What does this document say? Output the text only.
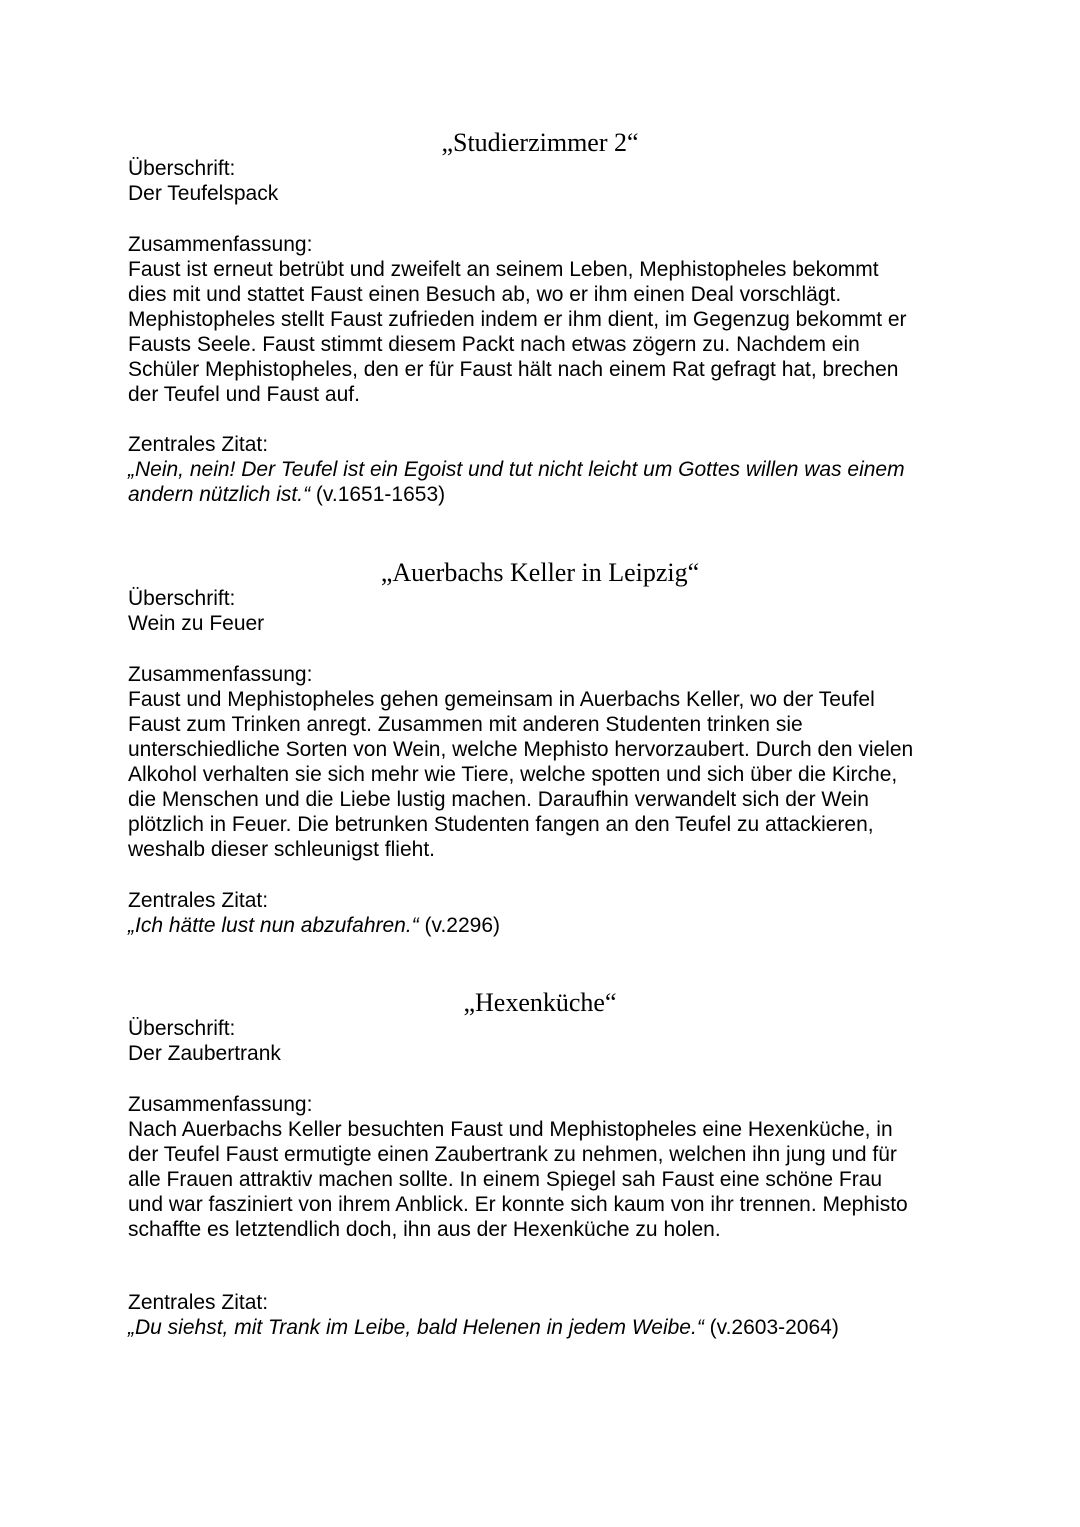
„Studierzimmer 2“

Überschrift:

Der Teufelspack

Zusammenfassung:

Faust ist erneut betrübt und zweifelt an seinem Leben, Mephistopheles bekommt

dies mit und stattet Faust einen Besuch ab, wo er ihm einen Deal vorschlägt.

Mephistopheles stellt Faust zufrieden indem er ihm dient, im Gegenzug bekommt er

Fausts Seele. Faust stimmt diesem Packt nach etwas zögern zu. Nachdem ein

Schüler Mephistopheles, den er für Faust hält nach einem Rat gefragt hat, brechen

der Teufel und Faust auf.

Zentrales Zitat:

„Nein, nein! Der Teufel ist ein Egoist und tut nicht leicht um Gottes willen was einem

andern nützlich ist.“ (v.1651-1653)

„Auerbachs Keller in Leipzig“

Überschrift:

Wein zu Feuer

Zusammenfassung:

Faust und Mephistopheles gehen gemeinsam in Auerbachs Keller, wo der Teufel

Faust zum Trinken anregt. Zusammen mit anderen Studenten trinken sie

unterschiedliche Sorten von Wein, welche Mephisto hervorzaubert. Durch den vielen

Alkohol verhalten sie sich mehr wie Tiere, welche spotten und sich über die Kirche,

die Menschen und die Liebe lustig machen. Daraufhin verwandelt sich der Wein

plötzlich in Feuer. Die betrunken Studenten fangen an den Teufel zu attackieren,

weshalb dieser schleunigst flieht.

Zentrales Zitat:

„Ich hätte lust nun abzufahren.“ (v.2296)

„Hexenküche“

Überschrift:

Der Zaubertrank

Zusammenfassung:

Nach Auerbachs Keller besuchten Faust und Mephistopheles eine Hexenküche, in

der Teufel Faust ermutigte einen Zaubertrank zu nehmen, welchen ihn jung und für

alle Frauen attraktiv machen sollte. In einem Spiegel sah Faust eine schöne Frau

und war fasziniert von ihrem Anblick. Er konnte sich kaum von ihr trennen. Mephisto

schaffte es letztendlich doch, ihn aus der Hexenküche zu holen.

Zentrales Zitat:

„Du siehst, mit Trank im Leibe, bald Helenen in jedem Weibe.“ (v.2603-2064)
